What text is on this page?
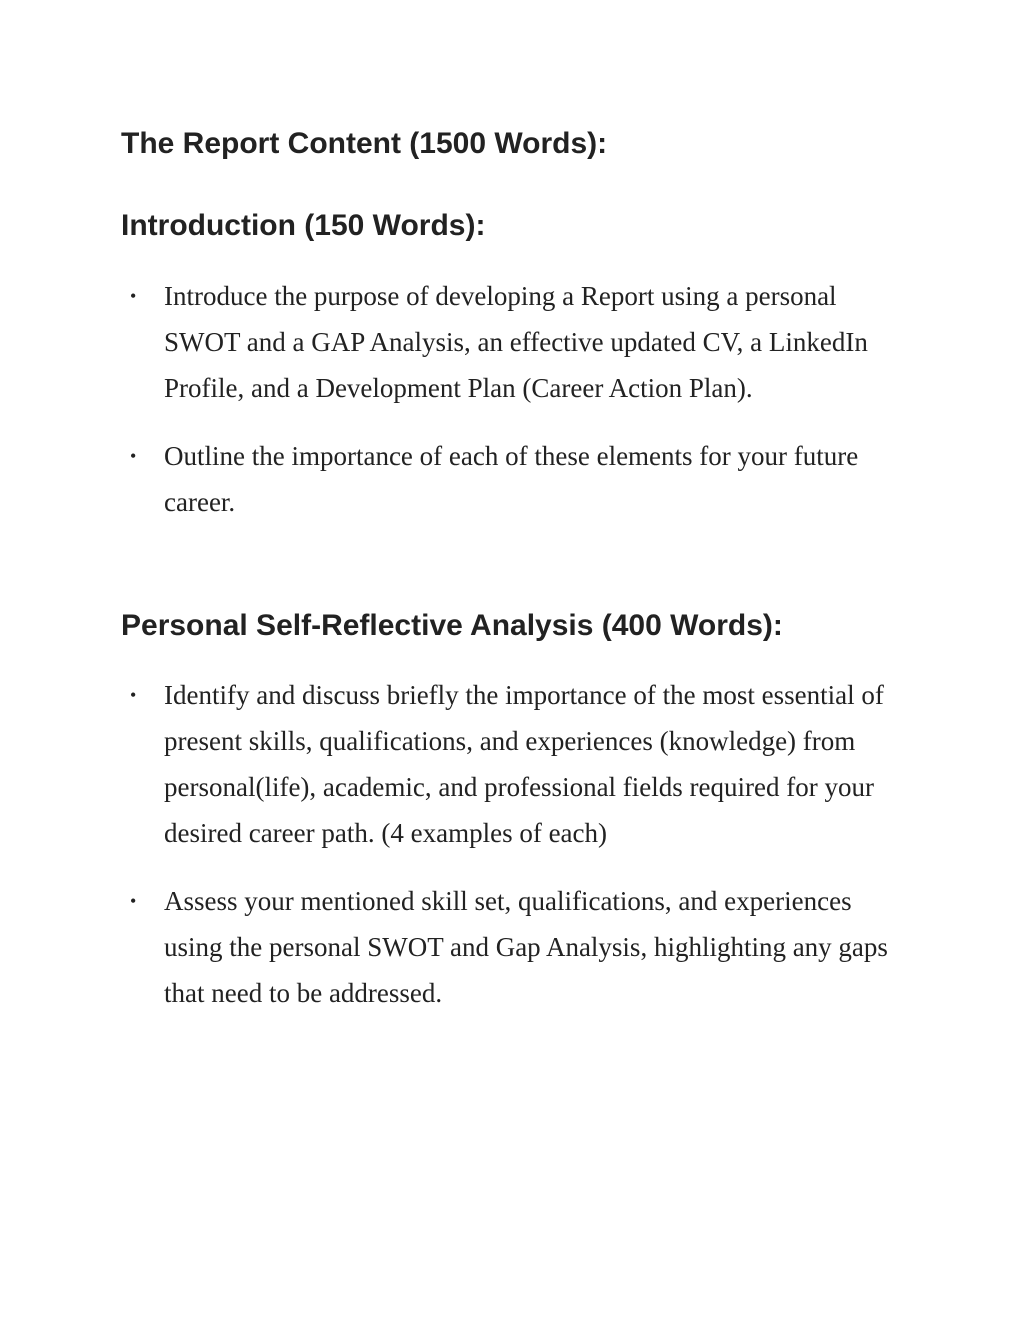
The Report Content (1500 Words):
Introduction (150 Words):
• Introduce the purpose of developing a Report using a personal SWOT and a GAP Analysis, an effective updated CV, a LinkedIn Profile, and a Development Plan (Career Action Plan).
• Outline the importance of each of these elements for your future career.
Personal Self-Reflective Analysis (400 Words):
• Identify and discuss briefly the importance of the most essential of present skills, qualifications, and experiences (knowledge) from personal(life), academic, and professional fields required for your desired career path. (4 examples of each)
• Assess your mentioned skill set, qualifications, and experiences using the personal SWOT and Gap Analysis, highlighting any gaps that need to be addressed.
